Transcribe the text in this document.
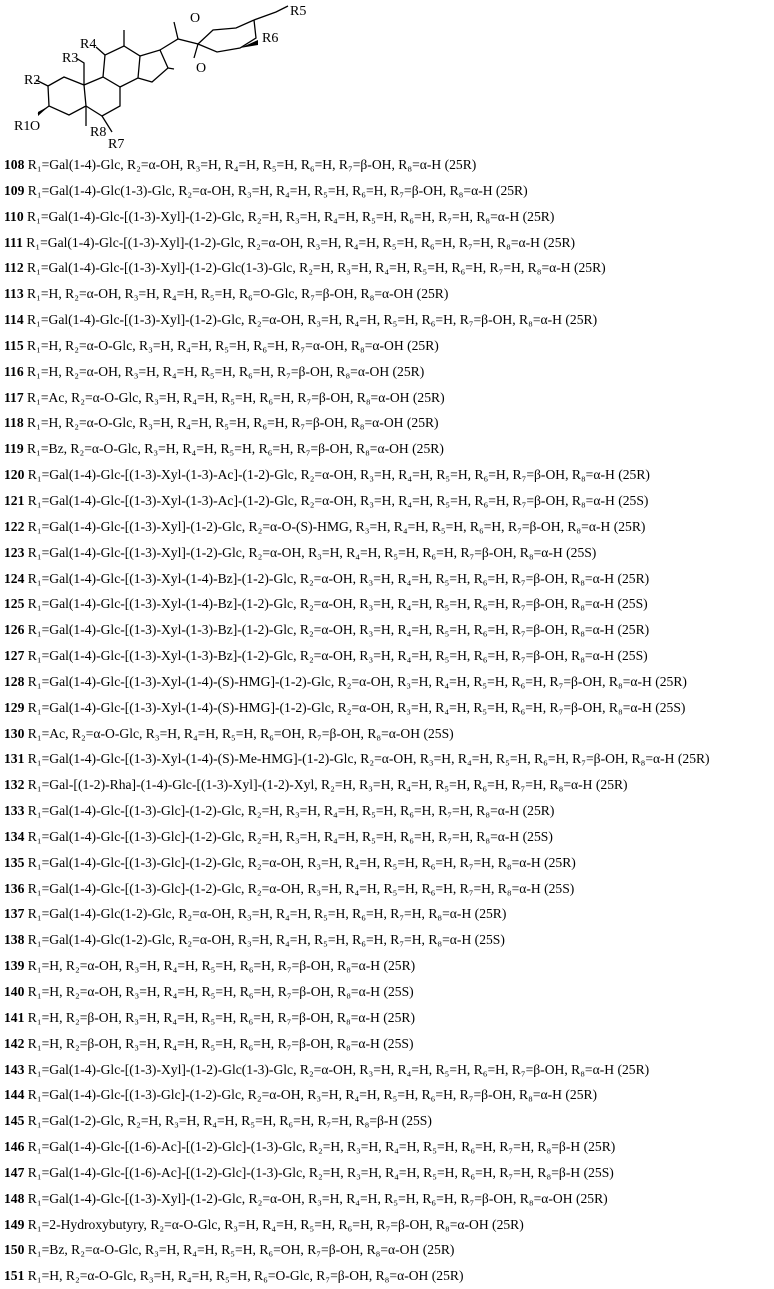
O
O
O
R5
R6
R4
R3
R2
R1	R8
R7
108 R₁=Gal(1-4)-Glc, R₂=α-OH, R₃=H, R₄=H, R₅=H, R₆=H, R₇=β-OH, R₈=α-H (25R)
109 R₁=Gal(1-4)-Glc(1-3)-Glc, R₂=α-OH, R₃=H, R₄=H, R₅=H, R₆=H, R₇=β-OH, R₈=α-H (25R)
110 R₁=Gal(1-4)-Glc-[(1-3)-Xyl]-(1-2)-Glc, R₂=H, R₃=H, R₄=H, R₅=H, R₆=H, R₇=H, R₈=α-H (25R)
111 R₁=Gal(1-4)-Glc-[(1-3)-Xyl]-(1-2)-Glc, R₂=α-OH, R₃=H, R₄=H, R₅=H, R₆=H, R₇=H, R₈=α-H (25R)
112 R₁=Gal(1-4)-Glc-[(1-3)-Xyl]-(1-2)-Glc(1-3)-Glc, R₂=H, R₃=H, R₄=H, R₅=H, R₆=H, R₇=H, R₈=α-H (25R)
113 R₁=H, R₂=α-OH, R₃=H, R₄=H, R₅=H, R₆=O-Glc, R₇=β-OH, R₈=α-OH (25R)
114 R₁=Gal(1-4)-Glc-[(1-3)-Xyl]-(1-2)-Glc, R₂=α-OH, R₃=H, R₄=H, R₅=H, R₆=H, R₇=β-OH, R₈=α-H (25R)
115 R₁=H, R₂=α-O-Glc, R₃=H, R₄=H, R₅=H, R₆=H, R₇=α-OH, R₈=α-OH (25R)
116 R₁=H, R₂=α-OH, R₃=H, R₄=H, R₅=H, R₆=H, R₇=β-OH, R₈=α-OH (25R)
117 R₁=Ac, R₂=α-O-Glc, R₃=H, R₄=H, R₅=H, R₆=H, R₇=β-OH, R₈=α-OH (25R)
118 R₁=H, R₂=α-O-Glc, R₃=H, R₄=H, R₅=H, R₆=H, R₇=β-OH, R₈=α-OH (25R)
119 R₁=Bz, R₂=α-O-Glc, R₃=H, R₄=H, R₅=H, R₆=H, R₇=β-OH, R₈=α-OH (25R)
120 R₁=Gal(1-4)-Glc-[(1-3)-Xyl-(1-3)-Ac]-(1-2)-Glc, R₂=α-OH, R₃=H, R₄=H, R₅=H, R₆=H, R₇=β-OH, R₈=α-H (25R)
121 R₁=Gal(1-4)-Glc-[(1-3)-Xyl-(1-3)-Ac]-(1-2)-Glc, R₂=α-OH, R₃=H, R₄=H, R₅=H, R₆=H, R₇=β-OH, R₈=α-H (25S)
122 R₁=Gal(1-4)-Glc-[(1-3)-Xyl]-(1-2)-Glc, R₂=α-O-(S)-HMG, R₃=H, R₄=H, R₅=H, R₆=H, R₇=β-OH, R₈=α-H (25R)
123 R₁=Gal(1-4)-Glc-[(1-3)-Xyl]-(1-2)-Glc, R₂=α-OH, R₃=H, R₄=H, R₅=H, R₆=H, R₇=β-OH, R₈=α-H (25S)
124 R₁=Gal(1-4)-Glc-[(1-3)-Xyl-(1-4)-Bz]-(1-2)-Glc, R₂=α-OH, R₃=H, R₄=H, R₅=H, R₆=H, R₇=β-OH, R₈=α-H (25R)
125 R₁=Gal(1-4)-Glc-[(1-3)-Xyl-(1-4)-Bz]-(1-2)-Glc, R₂=α-OH, R₃=H, R₄=H, R₅=H, R₆=H, R₇=β-OH, R₈=α-H (25S)
126 R₁=Gal(1-4)-Glc-[(1-3)-Xyl-(1-3)-Bz]-(1-2)-Glc, R₂=α-OH, R₃=H, R₄=H, R₅=H, R₆=H, R₇=β-OH, R₈=α-H (25R)
127 R₁=Gal(1-4)-Glc-[(1-3)-Xyl-(1-3)-Bz]-(1-2)-Glc, R₂=α-OH, R₃=H, R₄=H, R₅=H, R₆=H, R₇=β-OH, R₈=α-H (25S)
128 R₁=Gal(1-4)-Glc-[(1-3)-Xyl-(1-4)-(S)-HMG]-(1-2)-Glc, R₂=α-OH, R₃=H, R₄=H, R₅=H, R₆=H, R₇=β-OH, R₈=α-H (25R)
129 R₁=Gal(1-4)-Glc-[(1-3)-Xyl-(1-4)-(S)-HMG]-(1-2)-Glc, R₂=α-OH, R₃=H, R₄=H, R₅=H, R₆=H, R₇=β-OH, R₈=α-H (25S)
130 R₁=Ac, R₂=α-O-Glc, R₃=H, R₄=H, R₅=H, R₆=OH, R₇=β-OH, R₈=α-OH (25S)
131 R₁=Gal(1-4)-Glc-[(1-3)-Xyl-(1-4)-(S)-Me-HMG]-(1-2)-Glc, R₂=α-OH, R₃=H, R₄=H, R₅=H, R₆=H, R₇=β-OH, R₈=α-H (25R)
132 R₁=Gal-[(1-2)-Rha]-(1-4)-Glc-[(1-3)-Xyl]-(1-2)-Xyl, R₂=H, R₃=H, R₄=H, R₅=H, R₆=H, R₇=H, R₈=α-H (25R)
133 R₁=Gal(1-4)-Glc-[(1-3)-Glc]-(1-2)-Glc, R₂=H, R₃=H, R₄=H, R₅=H, R₆=H, R₇=H, R₈=α-H (25R)
134 R₁=Gal(1-4)-Glc-[(1-3)-Glc]-(1-2)-Glc, R₂=H, R₃=H, R₄=H, R₅=H, R₆=H, R₇=H, R₈=α-H (25S)
135 R₁=Gal(1-4)-Glc-[(1-3)-Glc]-(1-2)-Glc, R₂=α-OH, R₃=H, R₄=H, R₅=H, R₆=H, R₇=H, R₈=α-H (25R)
136 R₁=Gal(1-4)-Glc-[(1-3)-Glc]-(1-2)-Glc, R₂=α-OH, R₃=H, R₄=H, R₅=H, R₆=H, R₇=H, R₈=α-H (25S)
137 R₁=Gal(1-4)-Glc(1-2)-Glc, R₂=α-OH, R₃=H, R₄=H, R₅=H, R₆=H, R₇=H, R₈=α-H (25R)
138 R₁=Gal(1-4)-Glc(1-2)-Glc, R₂=α-OH, R₃=H, R₄=H, R₅=H, R₆=H, R₇=H, R₈=α-H (25S)
139 R₁=H, R₂=α-OH, R₃=H, R₄=H, R₅=H, R₆=H, R₇=β-OH, R₈=α-H (25R)
140 R₁=H, R₂=α-OH, R₃=H, R₄=H, R₅=H, R₆=H, R₇=β-OH, R₈=α-H (25S)
141 R₁=H, R₂=β-OH, R₃=H, R₄=H, R₅=H, R₆=H, R₇=β-OH, R₈=α-H (25R)
142 R₁=H, R₂=β-OH, R₃=H, R₄=H, R₅=H, R₆=H, R₇=β-OH, R₈=α-H (25S)
143 R₁=Gal(1-4)-Glc-[(1-3)-Xyl]-(1-2)-Glc(1-3)-Glc, R₂=α-OH, R₃=H, R₄=H, R₅=H, R₆=H, R₇=β-OH, R₈=α-H (25R)
144 R₁=Gal(1-4)-Glc-[(1-3)-Glc]-(1-2)-Glc, R₂=α-OH, R₃=H, R₄=H, R₅=H, R₆=H, R₇=β-OH, R₈=α-H (25R)
145 R₁=Gal(1-2)-Glc, R₂=H, R₃=H, R₄=H, R₅=H, R₆=H, R₇=H, R₈=β-H (25S)
146 R₁=Gal(1-4)-Glc-[(1-6)-Ac]-[(1-2)-Glc]-(1-3)-Glc, R₂=H, R₃=H, R₄=H, R₅=H, R₆=H, R₇=H, R₈=β-H (25R)
147 R₁=Gal(1-4)-Glc-[(1-6)-Ac]-[(1-2)-Glc]-(1-3)-Glc, R₂=H, R₃=H, R₄=H, R₅=H, R₆=H, R₇=H, R₈=β-H (25S)
148 R₁=Gal(1-4)-Glc-[(1-3)-Xyl]-(1-2)-Glc, R₂=α-OH, R₃=H, R₄=H, R₅=H, R₆=H, R₇=β-OH, R₈=α-OH (25R)
149 R₁=2-Hydroxybutyry, R₂=α-O-Glc, R₃=H, R₄=H, R₅=H, R₆=H, R₇=β-OH, R₈=α-OH (25R)
150 R₁=Bz, R₂=α-O-Glc, R₃=H, R₄=H, R₅=H, R₆=OH, R₇=β-OH, R₈=α-OH (25R)
151 R₁=H, R₂=α-O-Glc, R₃=H, R₄=H, R₅=H, R₆=O-Glc, R₇=β-OH, R₈=α-OH (25R)
